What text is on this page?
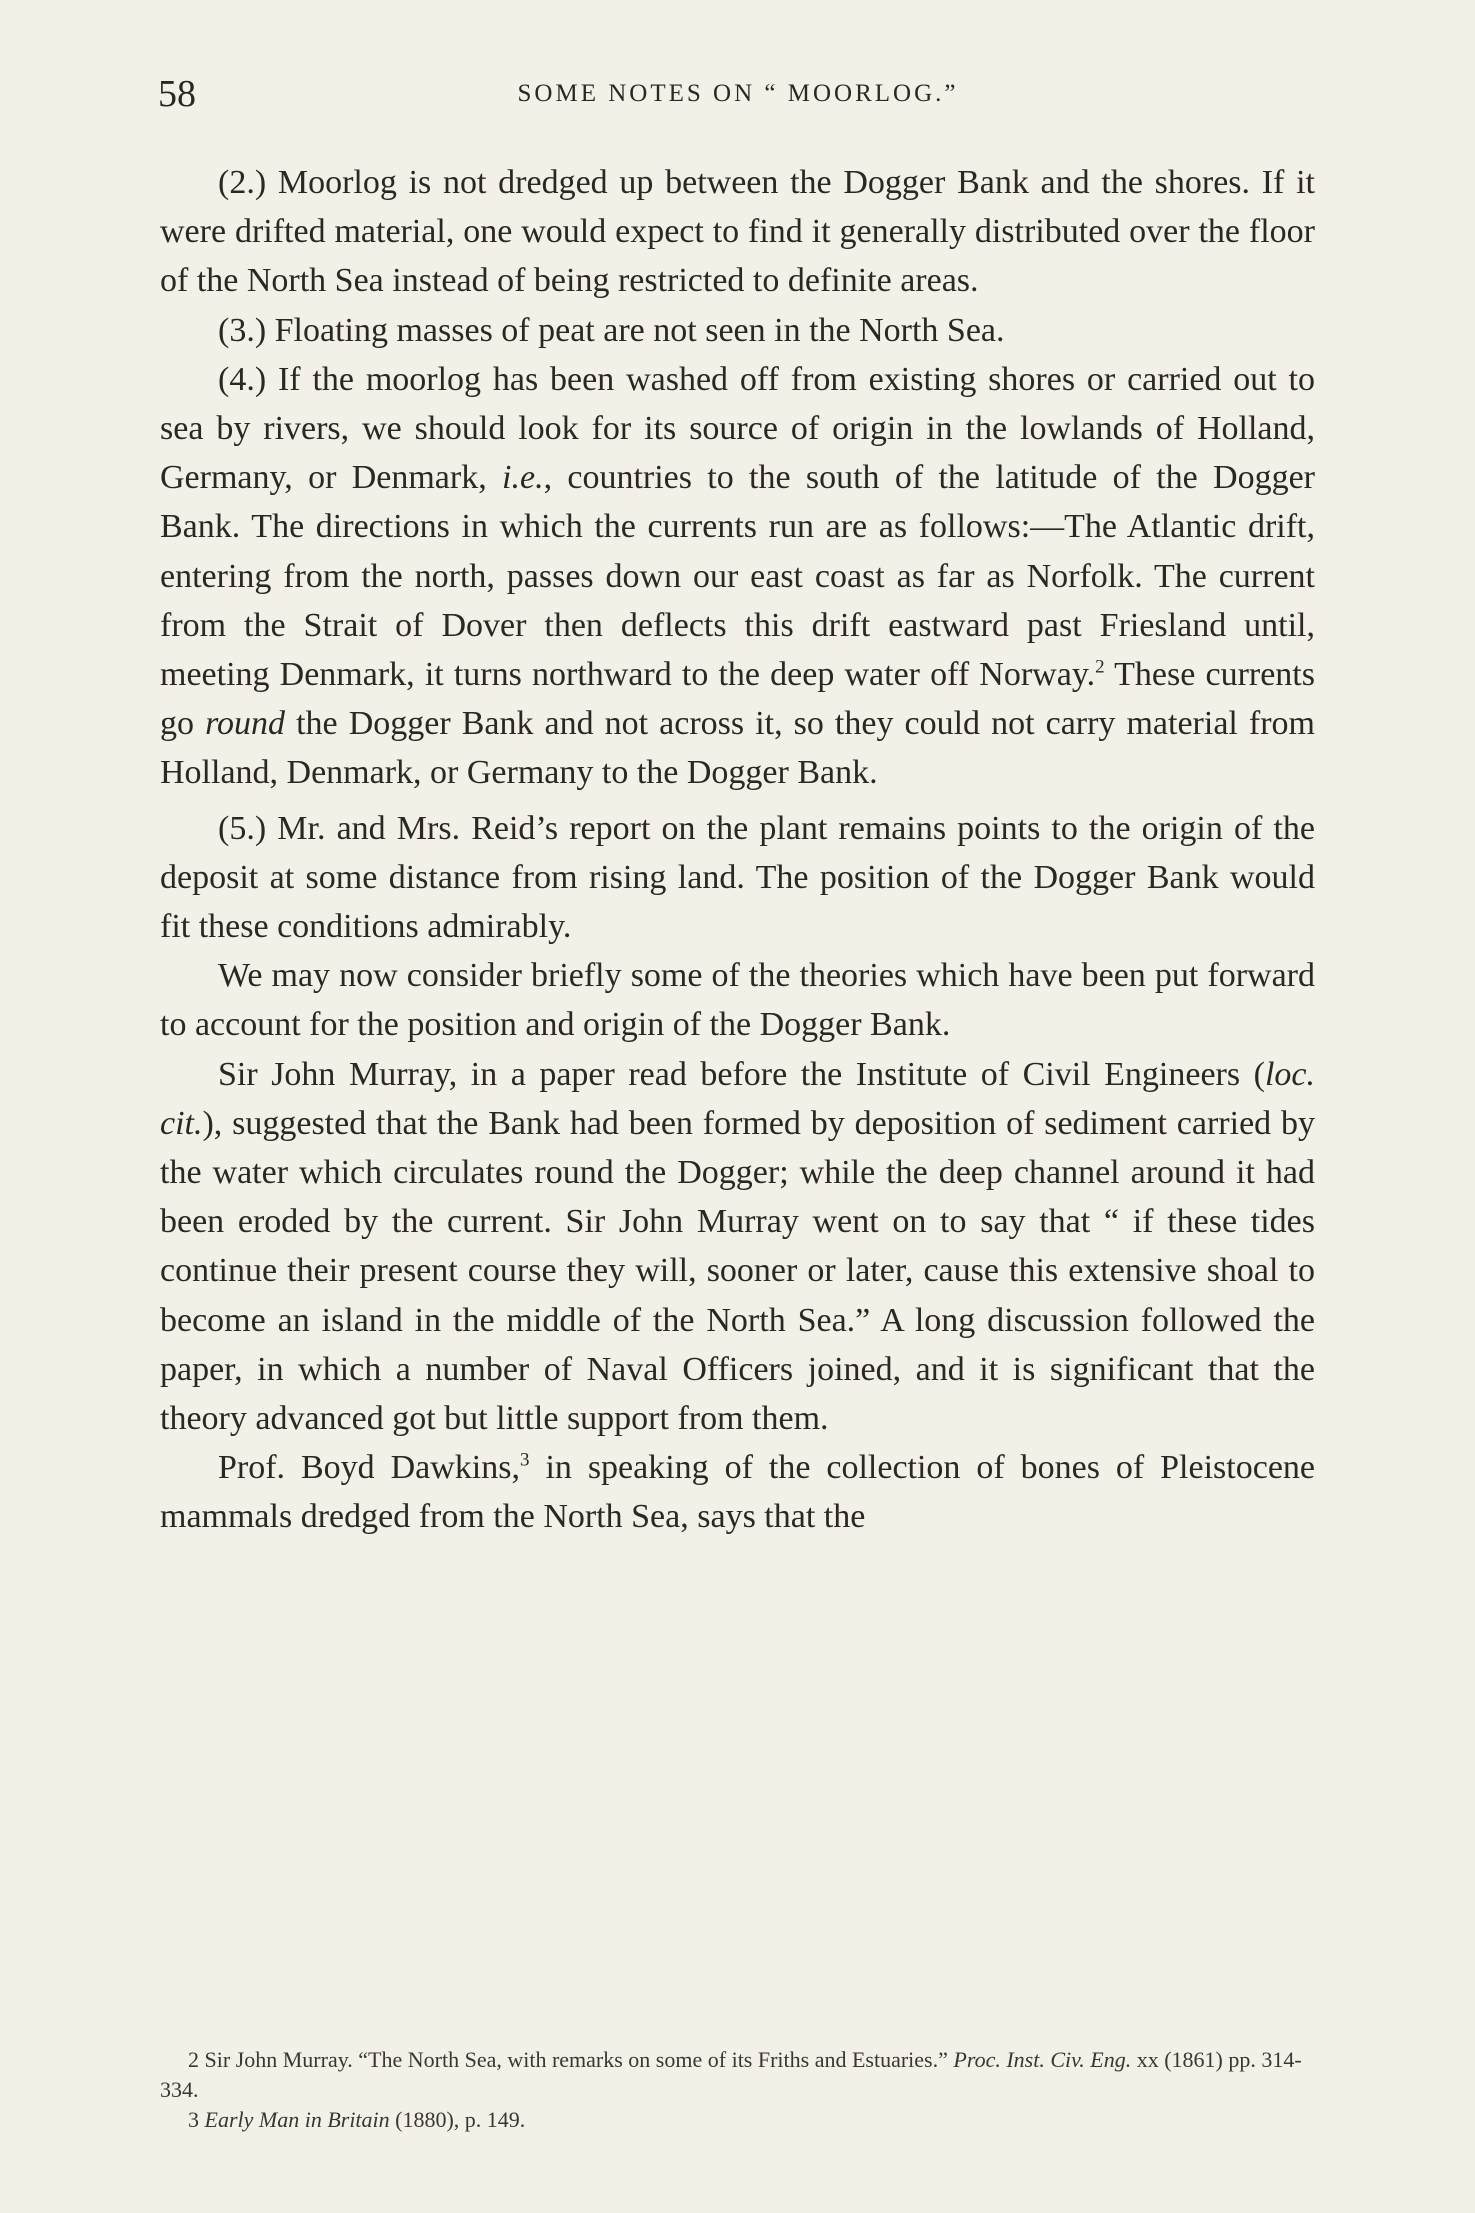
58	SOME NOTES ON “ MOORLOG.”

(2.) Moorlog is not dredged up between the Dogger Bank and the shores. If it were drifted material, one would expect to find it generally distributed over the floor of the North Sea instead of being restricted to definite areas.

(3.) Floating masses of peat are not seen in the North Sea.

(4.) If the moorlog has been washed off from existing shores or carried out to sea by rivers, we should look for its source of origin in the lowlands of Holland, Germany, or Denmark, i.e., countries to the south of the latitude of the Dogger Bank. The directions in which the currents run are as follows:—The Atlantic drift, entering from the north, passes down our east coast as far as Norfolk. The current from the Strait of Dover then deflects this drift eastward past Friesland until, meeting Denmark, it turns northward to the deep water off Norway.$^2$ These currents go round the Dogger Bank and not across it, so they could not carry material from Holland, Denmark, or Germany to the Dogger Bank.

(5.) Mr. and Mrs. Reid’s report on the plant remains points to the origin of the deposit at some distance from rising land. The position of the Dogger Bank would fit these conditions admirably.

We may now consider briefly some of the theories which have been put forward to account for the position and origin of the Dogger Bank.

Sir John Murray, in a paper read before the Institute of Civil Engineers (loc. cit.), suggested that the Bank had been formed by deposition of sediment carried by the water which circulates round the Dogger; while the deep channel around it had been eroded by the current. Sir John Murray went on to say that “ if these tides continue their present course they will, sooner or later, cause this extensive shoal to become an island in the middle of the North Sea.” A long discussion followed the paper, in which a number of Naval Officers joined, and it is significant that the theory advanced got but little support from them.

Prof. Boyd Dawkins,$^3$ in speaking of the collection of bones of Pleistocene mammals dredged from the North Sea, says that the

2 Sir John Murray. “The North Sea, with remarks on some of its Friths and Estuaries.” Proc. Inst. Civ. Eng. xx (1861) pp. 314-334.

3 Early Man in Britain (1880), p. 149.
